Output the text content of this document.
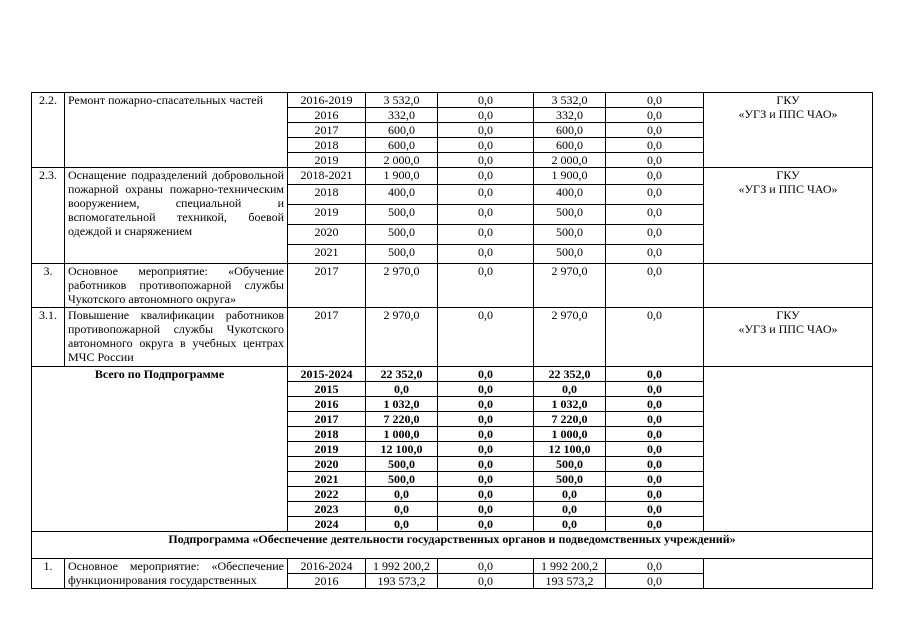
2.2.	Ремонт пожарно-спасательных частей	2016-2019	3 532,0	0,0	3 532,0	0,0	ГКУ
«УГЗ и ППС ЧАО»

		2016	332,0	0,0	332,0	0,0	
		2017	600,0	0,0	600,0	0,0	
		2018	600,0	0,0	600,0	0,0	
		2019	2 000,0	0,0	2 000,0	0,0	
2.3.	Оснащение подразделений добровольной пожарной охраны пожарно-техническим вооружением, специальной и вспомогательной техникой, боевой одеждой и снаряжением	2018-2021	1 900,0	0,0	1 900,0	0,0	ГКУ
«УГЗ и ППС ЧАО»

		2018	400,0	0,0	400,0	0,0	
		2019	500,0	0,0	500,0	0,0	
		2020	500,0	0,0	500,0	0,0	
		2021	500,0	0,0	500,0	0,0	
3.	Основное мероприятие: «Обучение работников противопожарной службы Чукотского автономного округа»	2017	2 970,0	0,0	2 970,0	0,0	
3.1.	Повышение квалификации работников противопожарной службы Чукотского автономного округа в учебных центрах МЧС России	2017	2 970,0	0,0	2 970,0	0,0	ГКУ
«УГЗ и ППС ЧАО»

Всего по Подпрограмме		2015-2024	22 352,0	0,0	22 352,0	0,0	
		2015	0,0	0,0	0,0	0,0	
		2016	1 032,0	0,0	1 032,0	0,0	
		2017	7 220,0	0,0	7 220,0	0,0	
		2018	1 000,0	0,0	1 000,0	0,0	
		2019	12 100,0	0,0	12 100,0	0,0	
		2020	500,0	0,0	500,0	0,0	
		2021	500,0	0,0	500,0	0,0	
		2022	0,0	0,0	0,0	0,0	
		2023	0,0	0,0	0,0	0,0	
		2024	0,0	0,0	0,0	0,0	
Подпрограмма «Обеспечение деятельности государственных органов и подведомственных учреждений»							
1.	Основное мероприятие: «Обеспечение функционирования государственных	2016-2024	1 992 200,2	0,0	1 992 200,2	0,0	
		2016	193 573,2	0,0	193 573,2	0,0	
